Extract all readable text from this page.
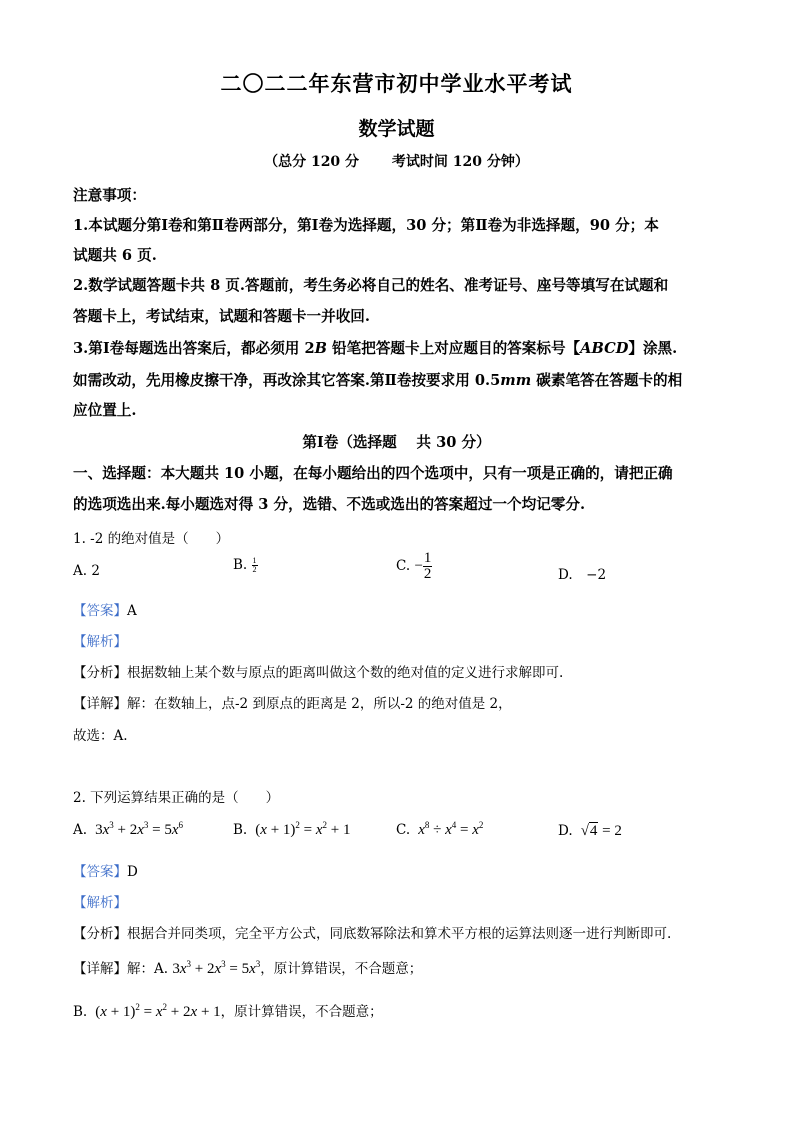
二〇二二年东营市初中学业水平考试
数学试题
（总分 120 分　　 考试时间 120 分钟）
注意事项：
1.本试题分第Ⅰ卷和第Ⅱ卷两部分，第Ⅰ卷为选择题，30 分；第Ⅱ卷为非选择题，90 分；本
试题共 6 页.
2.数学试题答题卡共 8 页.答题前，考生务必将自己的姓名、准考证号、座号等填写在试题和
答题卡上，考试结束，试题和答题卡一并收回.
3.第Ⅰ卷每题选出答案后，都必须用 2B 铅笔把答题卡上对应题目的答案标号【ABCD】涂黑.
如需改动，先用橡皮擦干净，再改涂其它答案.第Ⅱ卷按要求用 0.5mm 碳素笔答在答题卡的相
应位置上.
第Ⅰ卷（选择题　 共 30 分）
一、选择题：本大题共 10 小题，在每小题给出的四个选项中，只有一项是正确的，请把正确
的选项选出来.每小题选对得 3 分，选错、不选或选出的答案超过一个均记零分.
1. -2 的绝对值是（　　）
A. 2	B. $\frac{1}{2}$	C. − $\frac{1}{2}$	D.　−2
【答案】A
【解析】
【分析】根据数轴上某个数与原点的距离叫做这个数的绝对值的定义进行求解即可.
【详解】解：在数轴上，点-2 到原点的距离是 2，所以-2 的绝对值是 2，
故选：A.
2. 下列运算结果正确的是（　　）
A.  $3x^3 + 2x^3 = 5x^6$	B.  $(x + 1)^2 = x^2 + 1$	C. $x^8 \div x^4 = x^2$	D.  √4 = 2
【答案】D
【解析】
【分析】根据合并同类项，完全平方公式，同底数幂除法和算术平方根的运算法则逐一进行判断即可.
【详解】解：A. $3x^3 + 2x^3 = 5x^3$，原计算错误，不合题意；
B.  $(x + 1)^2 = x^2 + 2x + 1$，原计算错误，不合题意；
